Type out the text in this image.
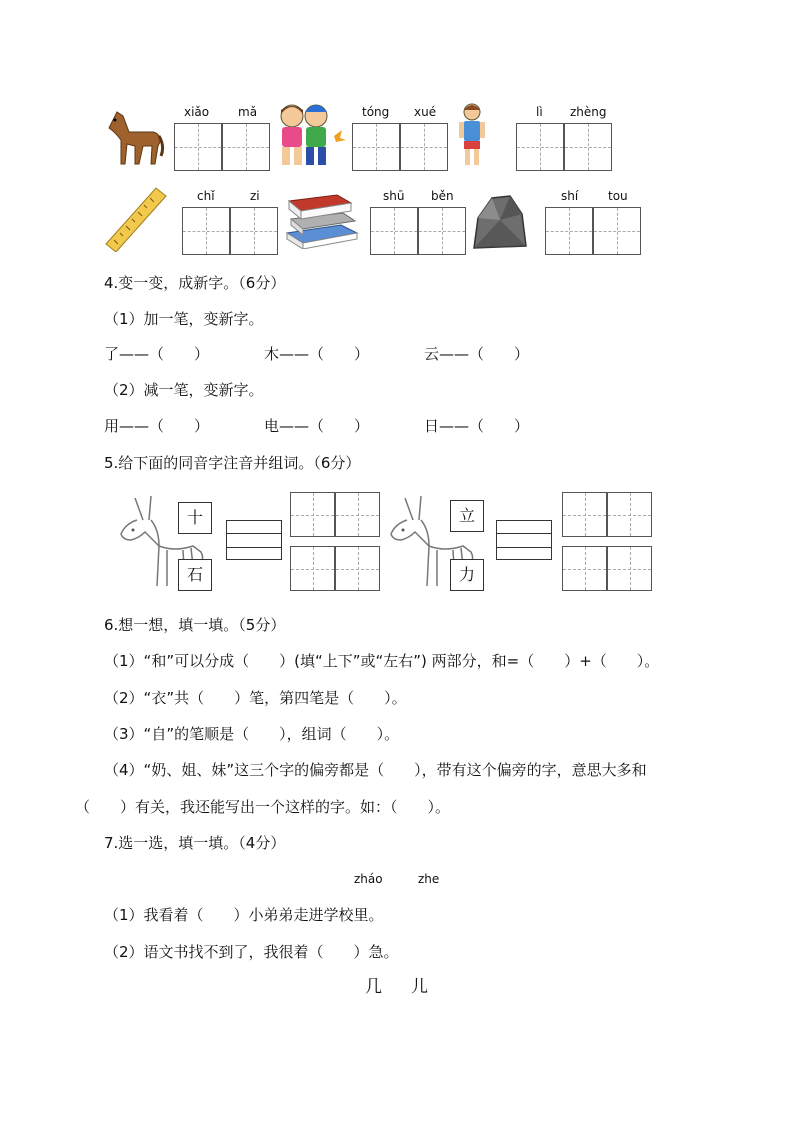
xiǎo mǎ	tóng xué	lì zhèng
chǐ	zi	shū běn	shí tou
4.变一变，成新字。（6分）
（1）加一笔，变新字。
了——（　　）	木——（　　）	云——（　　）
（2）减一笔，变新字。
用——（　　）	电——（　　）	日——（　　）
5.给下面的同音字注音并组词。（6分）
十
石
立
力
6.想一想，填一填。（5分）
（1）“和”可以分成（　　）(填“上下”或“左右”) 两部分，和=（　　）+（　　）。
（2）“衣”共（　　）笔，第四笔是（　　）。
（3）“自”的笔顺是（　　），组词（　　）。
（4）“奶、姐、妹”这三个字的偏旁都是（　　），带有这个偏旁的字，意思大多和
（　　）有关，我还能写出一个这样的字。如：（　　）。
7.选一选，填一填。（4分）
zháo	zhe
（1）我看着（　　）小弟弟走进学校里。
（2）语文书找不到了，我很着（　　）急。
几 儿
